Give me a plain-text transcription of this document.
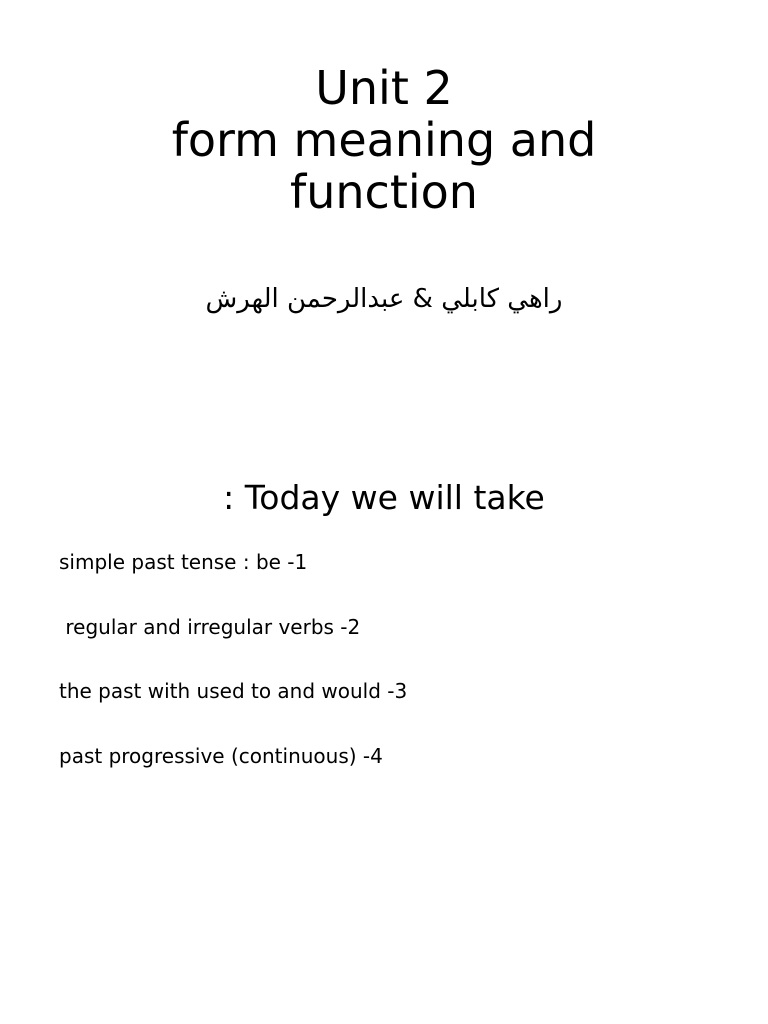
Unit 2
form meaning and
function
راهي كابلي & عبدالرحمن الهرش
: Today we will take
simple past tense : be -1
regular and irregular verbs -2
the past with used to and would -3
past progressive (continuous) -4
